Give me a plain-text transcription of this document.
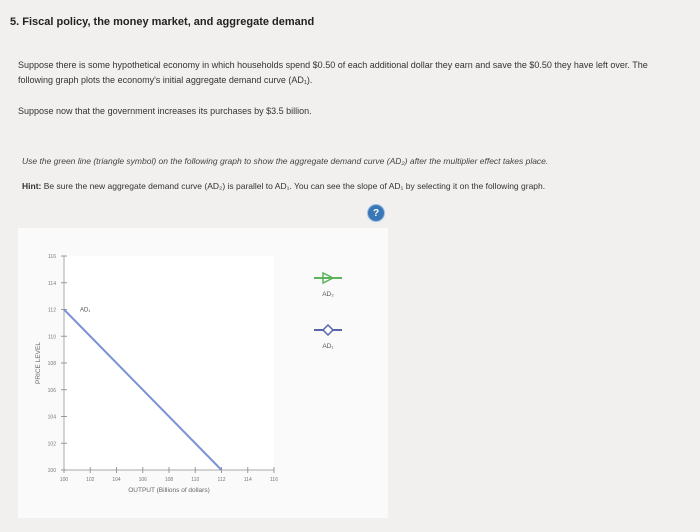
5. Fiscal policy, the money market, and aggregate demand
Suppose there is some hypothetical economy in which households spend $0.50 of each additional dollar they earn and save the $0.50 they have left over. The following graph plots the economy's initial aggregate demand curve (AD₁).
Suppose now that the government increases its purchases by $3.5 billion.
Use the green line (triangle symbol) on the following graph to show the aggregate demand curve (AD₂) after the multiplier effect takes place.
Hint: Be sure the new aggregate demand curve (AD₂) is parallel to AD₁. You can see the slope of AD₁ by selecting it on the following graph.
?
100
102
104
106
108
110
112
114
116
100	102	104	106	108	110	112	114	116
PRICE LEVEL
OUTPUT (Billions of dollars)
AD₁
AD₂
AD₁
